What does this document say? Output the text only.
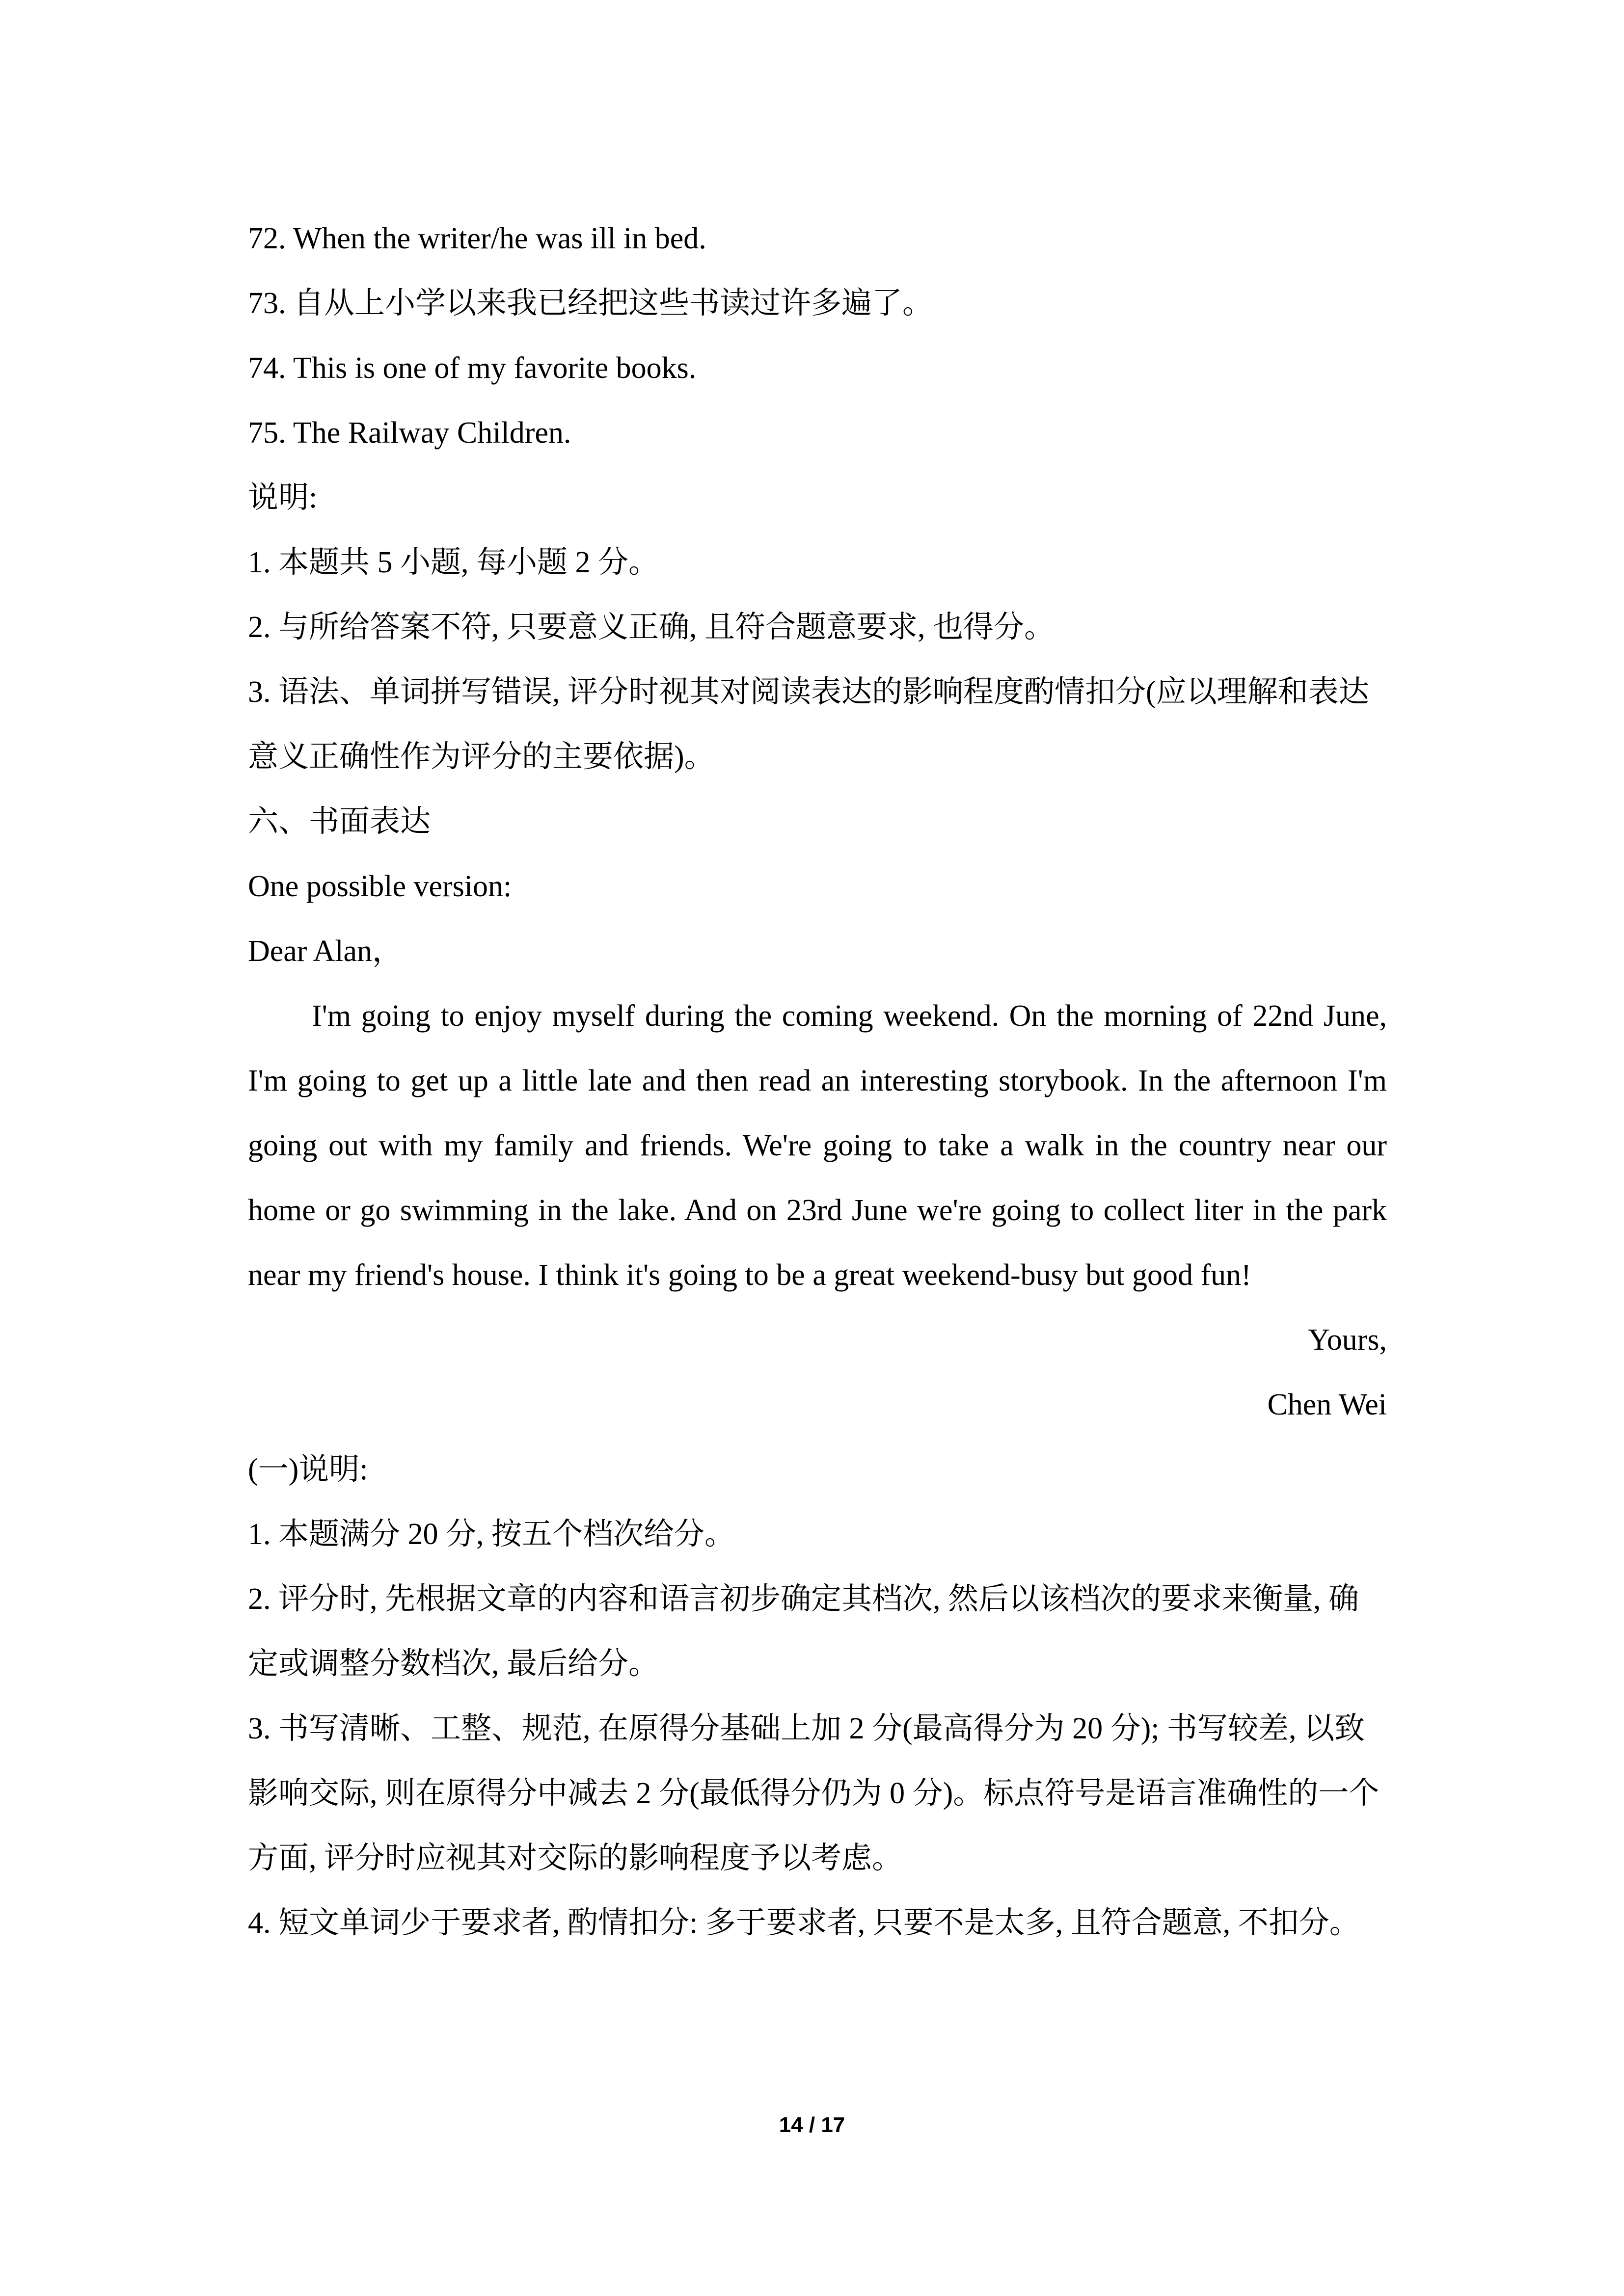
72. When the writer/he was ill in bed.

73. 自从上小学以来我已经把这些书读过许多遍了。

74. This is one of my favorite books.

75. The Railway Children.

说明:

1. 本题共 5 小题, 每小题 2 分。

2. 与所给答案不符, 只要意义正确, 且符合题意要求, 也得分。

3. 语法、单词拼写错误, 评分时视其对阅读表达的影响程度酌情扣分(应以理解和表达意义正确性作为评分的主要依据)。

六、书面表达

One possible version:

Dear Alan，

I'm going to enjoy myself during the coming weekend. On the morning of 22nd June, I'm going to get up a little late and then read an interesting storybook. In the afternoon I'm going out with my family and friends. We're going to take a walk in the country near our home or go swimming in the lake. And on 23rd June we're going to collect liter in the park near my friend's house. I think it's going to be a great weekend-busy but good fun!

Yours,

Chen Wei

(一)说明:

1. 本题满分 20 分, 按五个档次给分。

2. 评分时, 先根据文章的内容和语言初步确定其档次, 然后以该档次的要求来衡量, 确定或调整分数档次, 最后给分。

3. 书写清晰、工整、规范, 在原得分基础上加 2 分(最高得分为 20 分); 书写较差, 以致影响交际, 则在原得分中减去 2 分(最低得分仍为 0 分)。标点符号是语言准确性的一个方面, 评分时应视其对交际的影响程度予以考虑。

4. 短文单词少于要求者, 酌情扣分: 多于要求者, 只要不是太多, 且符合题意, 不扣分。

14 / 17
